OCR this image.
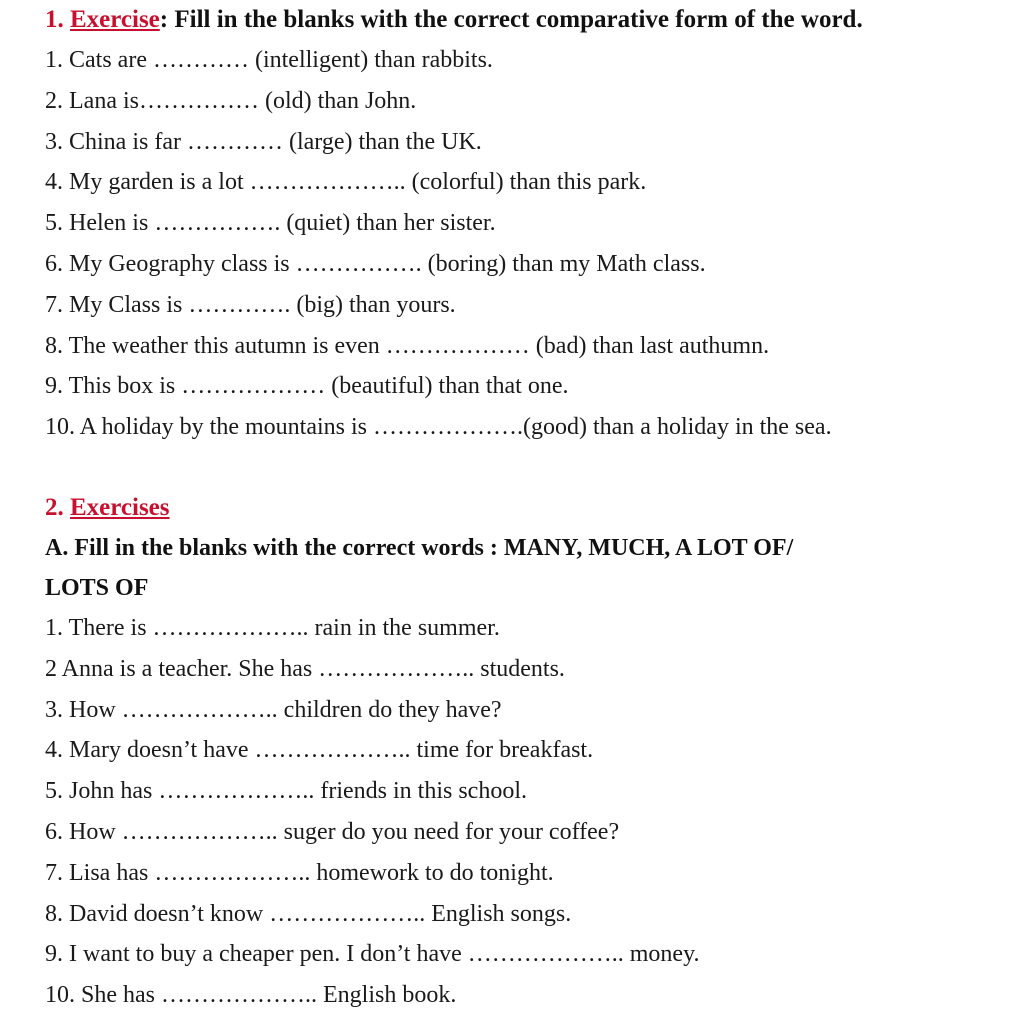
1. Exercise: Fill in the blanks with the correct comparative form of the word.
1. Cats are ………… (intelligent) than rabbits.
2. Lana is…………… (old) than John.
3. China is far ………… (large) than the UK.
4. My garden is a lot ……………….. (colorful) than this park.
5. Helen is ……………. (quiet) than her sister.
6. My Geography class is ……………. (boring) than my Math class.
7. My Class is …………. (big) than yours.
8. The weather this autumn is even ……………… (bad) than last authumn.
9. This box is ……………… (beautiful) than that one.
10. A holiday by the mountains is ……………….(good) than a holiday in the sea.
2. Exercises
A. Fill in the blanks with the correct words : MANY, MUCH, A LOT OF/
LOTS OF
1. There is ……………….. rain in the summer.
2 Anna is a teacher. She has ……………….. students.
3. How ……………….. children do they have?
4. Mary doesn’t have ……………….. time for breakfast.
5. John has ……………….. friends in this school.
6. How ……………….. suger do you need for your coffee?
7. Lisa has ……………….. homework to do tonight.
8. David doesn’t know ……………….. English songs.
9. I want to buy a cheaper pen. I don’t have ……………….. money.
10. She has ……………….. English book.
